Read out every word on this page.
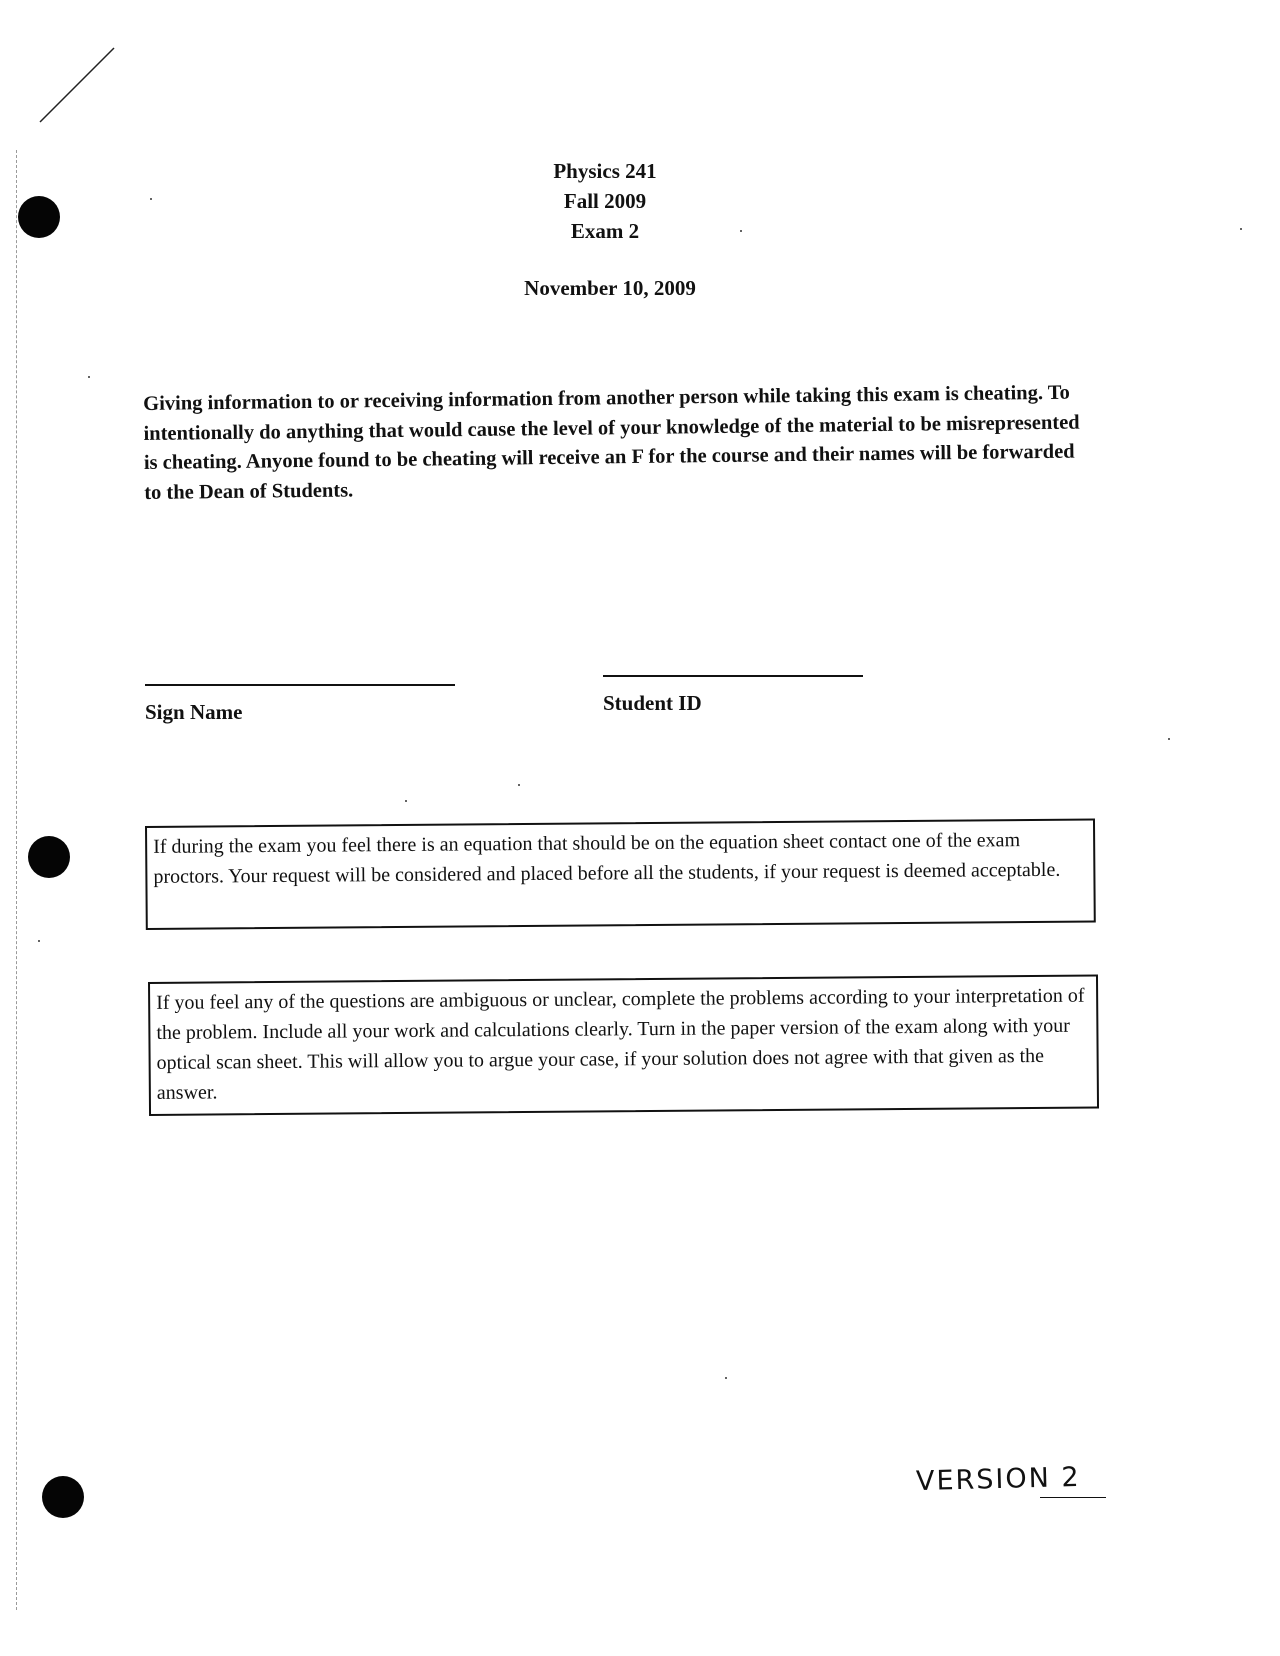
Physics 241
Fall 2009
Exam 2
November 10, 2009

Giving information to or receiving information from another person while taking this exam is cheating. To intentionally do anything that would cause the level of your knowledge of the material to be misrepresented is cheating. Anyone found to be cheating will receive an F for the course and their names will be forwarded to the Dean of Students.

Sign Name	Student ID

If during the exam you feel there is an equation that should be on the equation sheet contact one of the exam proctors. Your request will be considered and placed before all the students, if your request is deemed acceptable.

If you feel any of the questions are ambiguous or unclear, complete the problems according to your interpretation of the problem. Include all your work and calculations clearly. Turn in the paper version of the exam along with your optical scan sheet. This will allow you to argue your case, if your solution does not agree with that given as the answer.

VERSION 2
